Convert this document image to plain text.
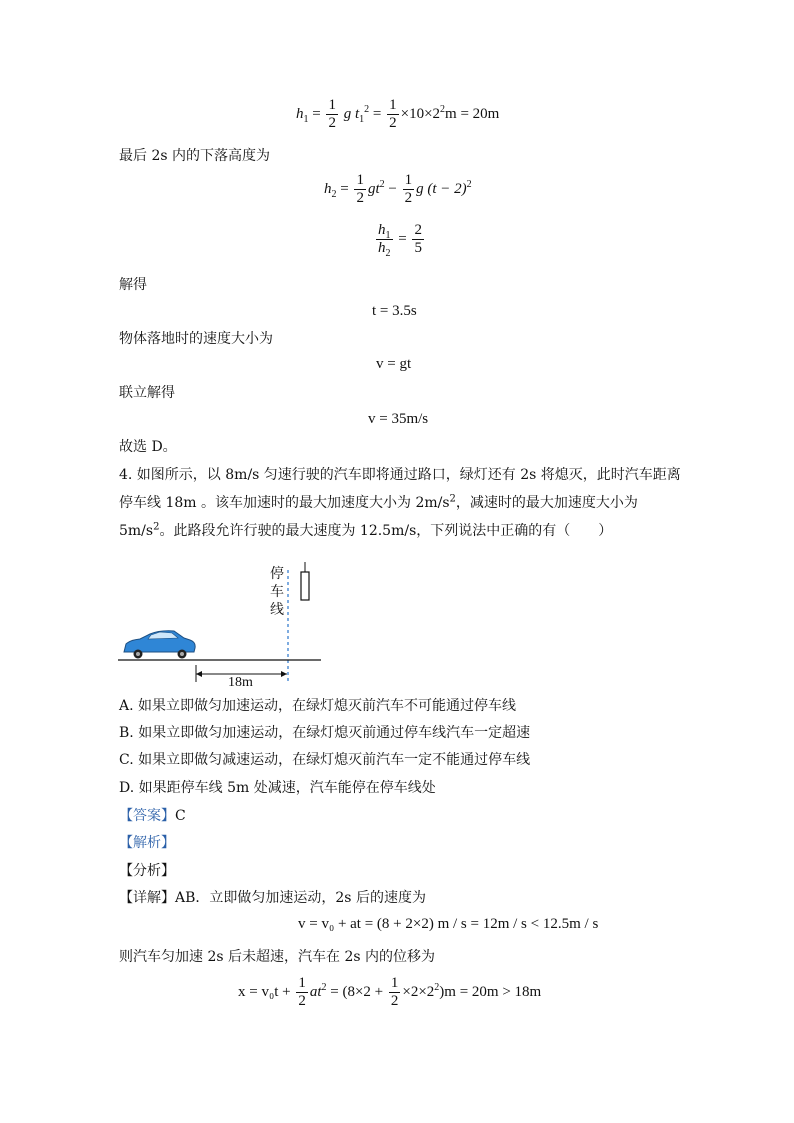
$h_1 = \frac{1}{2}$ g $t_1^2 = \frac{1}{2} \times 10\times 2^2m = 20m$
最后 2s 内的下落高度为
$h_2 = \frac{1}{2} gt^2 - \frac{1}{2}$ g $(t - 2)^2$
$\frac{h_1}{h_2} = \frac{2}{5}$
解得
t = 3.5s
物体落地时的速度大小为
v = gt
联立解得
v = 35m/s
故选 D。
4. 如图所示，以 8m/s 匀速行驶的汽车即将通过路口，绿灯还有 2s 将熄灭，此时汽车距离
停车线 18m 。该车加速时的最大加速度大小为 $2m/s^2$，减速时的最大加速度大小为
$5m/s^2$。此路段允许行驶的最大速度为 12.5m/s，下列说法中正确的有（　　）
停车线
18m
A. 如果立即做匀加速运动，在绿灯熄灭前汽车不可能通过停车线
B. 如果立即做匀加速运动，在绿灯熄灭前通过停车线汽车一定超速
C. 如果立即做匀减速运动，在绿灯熄灭前汽车一定不能通过停车线
D. 如果距停车线 5m 处减速，汽车能停在停车线处
【答案】C
【解析】
【分析】
【详解】AB．立即做匀加速运动，2s 后的速度为
v = v₀ + at = (8 + 2×2) m / s = 12m / s < 12.5m / s
则汽车匀加速 2s 后未超速，汽车在 2s 内的位移为
$x = v_0t + \frac{1}{2} at^2 = (8\times 2 + \frac{1}{2} \times 2\times 2^2)m = 20m > 18m$
